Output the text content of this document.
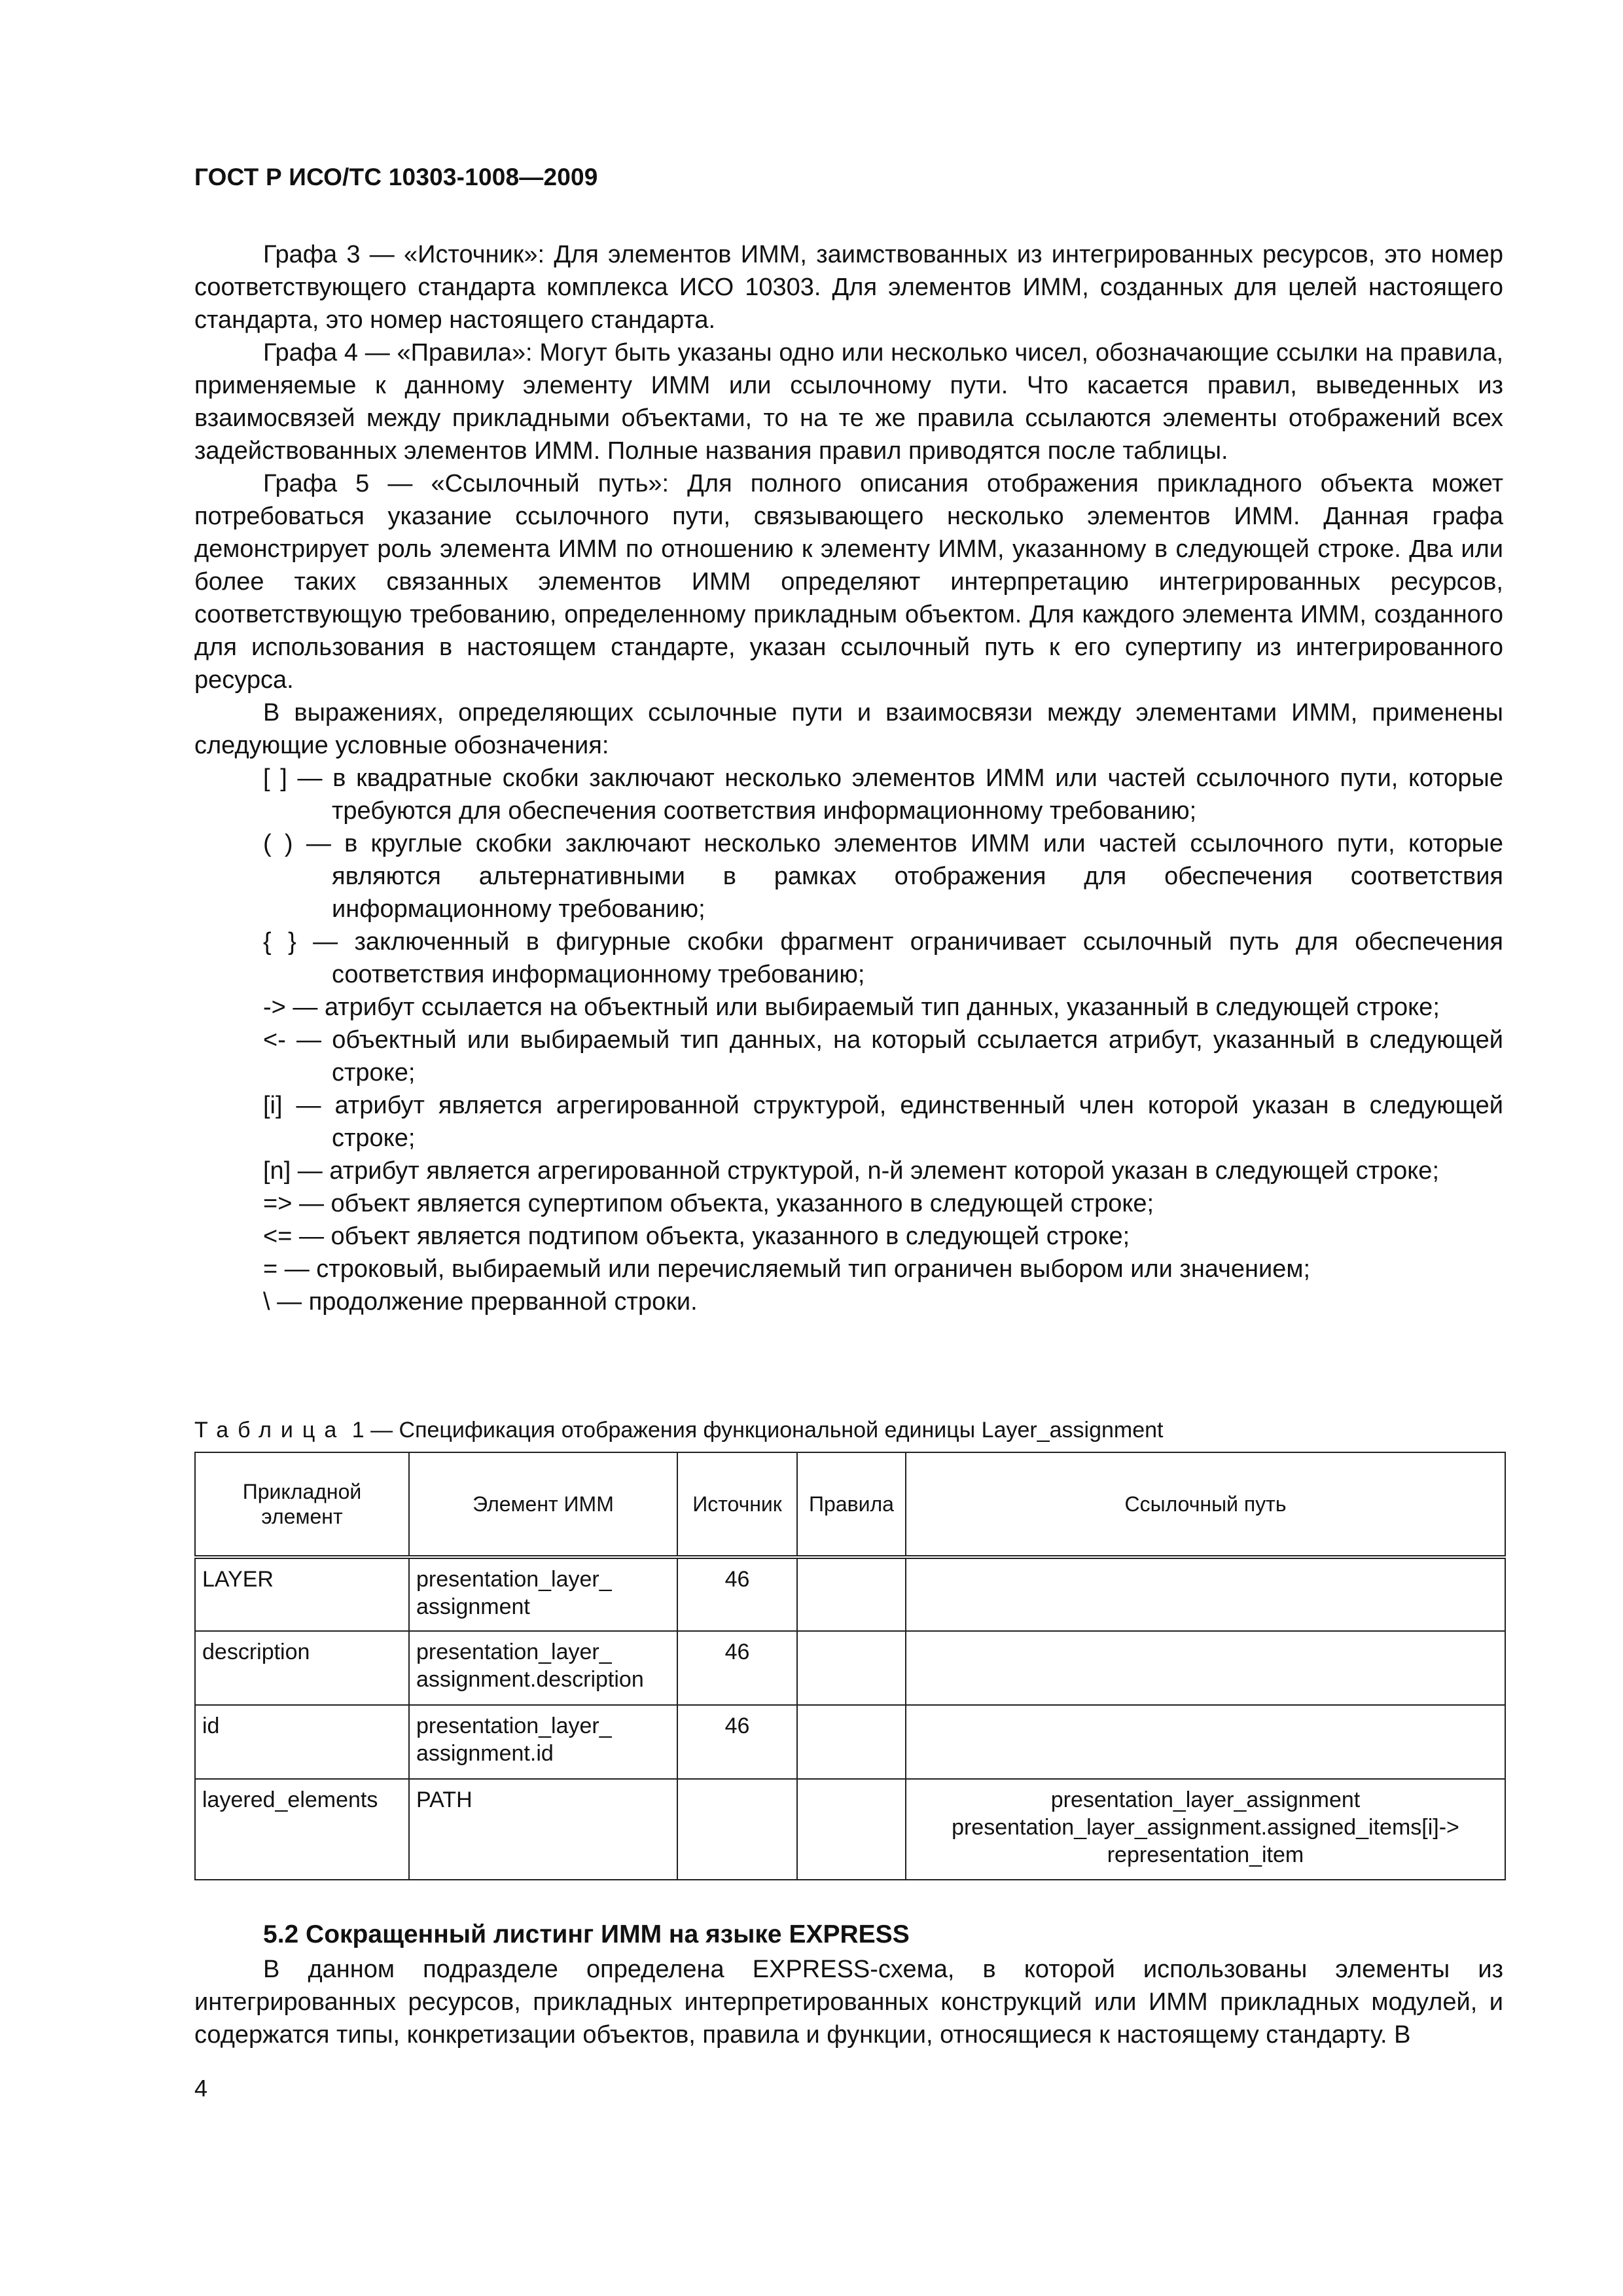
ГОСТ Р ИСО/ТС 10303-1008—2009

Графа 3 — «Источник»: Для элементов ИММ, заимствованных из интегрированных ресурсов, это номер соответствующего стандарта комплекса ИСО 10303. Для элементов ИММ, созданных для целей настоящего стандарта, это номер настоящего стандарта.

Графа 4 — «Правила»: Могут быть указаны одно или несколько чисел, обозначающие ссылки на правила, применяемые к данному элементу ИММ или ссылочному пути. Что касается правил, выведенных из взаимосвязей между прикладными объектами, то на те же правила ссылаются элементы отображений всех задействованных элементов ИММ. Полные названия правил приводятся после таблицы.

Графа 5 — «Ссылочный путь»: Для полного описания отображения прикладного объекта может потребоваться указание ссылочного пути, связывающего несколько элементов ИММ. Данная графа демонстрирует роль элемента ИММ по отношению к элементу ИММ, указанному в следующей строке. Два или более таких связанных элементов ИММ определяют интерпретацию интегрированных ресурсов, соответствующую требованию, определенному прикладным объектом. Для каждого элемента ИММ, созданного для использования в настоящем стандарте, указан ссылочный путь к его супертипу из интегрированного ресурса.

В выражениях, определяющих ссылочные пути и взаимосвязи между элементами ИММ, применены следующие условные обозначения:

[ ] — в квадратные скобки заключают несколько элементов ИММ или частей ссылочного пути, которые требуются для обеспечения соответствия информационному требованию;
( ) — в круглые скобки заключают несколько элементов ИММ или частей ссылочного пути, которые являются альтернативными в рамках отображения для обеспечения соответствия информационному требованию;
{ } — заключенный в фигурные скобки фрагмент ограничивает ссылочный путь для обеспечения соответствия информационному требованию;
-> — атрибут ссылается на объектный или выбираемый тип данных, указанный в следующей строке;
<- — объектный или выбираемый тип данных, на который ссылается атрибут, указанный в следующей строке;
[i] — атрибут является агрегированной структурой, единственный член которой указан в следующей строке;
[n] — атрибут является агрегированной структурой, n-й элемент которой указан в следующей строке;
=> — объект является супертипом объекта, указанного в следующей строке;
<= — объект является подтипом объекта, указанного в следующей строке;
= — строковый, выбираемый или перечисляемый тип ограничен выбором или значением;
\ — продолжение прерванной строки.
Таблица 1 — Спецификация отображения функциональной единицы Layer_assignment
Прикладной элемент	Элемент ИММ	Источник	Правила	Ссылочный путь
LAYER	presentation_layer_ assignment	46		
description	presentation_layer_ assignment.description	46		
id	presentation_layer_ assignment.id	46		
layered_elements	PATH			presentation_layer_assignment
presentation_layer_assignment.assigned_items[i]->
representation_item
5.2 Сокращенный листинг ИММ на языке EXPRESS

В данном подразделе определена EXPRESS-схема, в которой использованы элементы из интегрированных ресурсов, прикладных интерпретированных конструкций или ИММ прикладных модулей, и содержатся типы, конкретизации объектов, правила и функции, относящиеся к настоящему стандарту. В

4
